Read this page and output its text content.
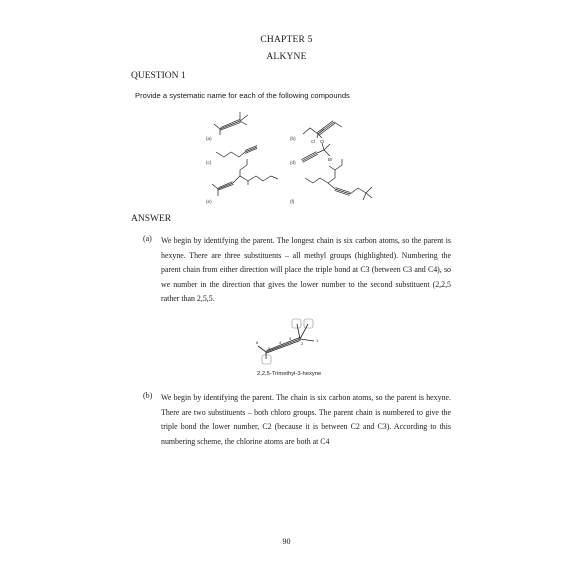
CHAPTER 5
ALKYNE
QUESTION 1
Provide a systematic name for each of the following compounds
(a)	(b)
(c)	(d)
(e)	(f)
Cl Cl
Br
ANSWER
(a) We begin by identifying the parent. The longest chain is six carbon atoms, so the parent is hexyne. There are three substituents – all methyl groups (highlighted). Numbering the parent chain from either direction will place the triple bond at C3 (between C3 and C4), so we number in the direction that gives the lower number to the second substituent (2,2,5 rather than 2,5,5.
6
5
4
3
2
1
2,2,5-Trimethyl-3-hexyne
(b) We begin by identifying the parent. The chain is six carbon atoms, so the parent is hexyne. There are two substituents – both chloro groups. The parent chain is numbered to give the triple bond the lower number, C2 (because it is between C2 and C3). According to this numbering scheme, the chlorine atoms are both at C4
90
